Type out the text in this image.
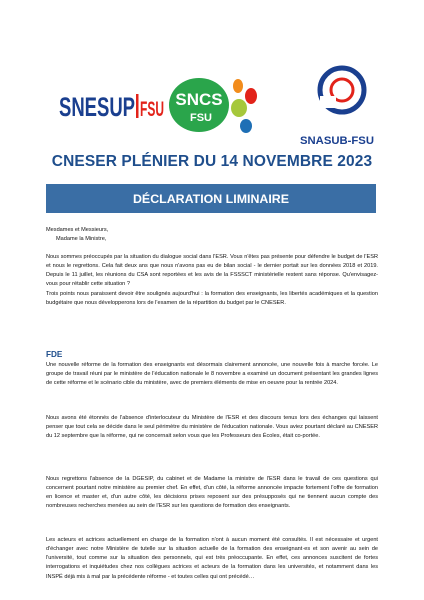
SNESUP FSU SNCS
FSU
SNASUB-FSU
CNESER PLÉNIER DU 14 NOVEMBRE 2023
DÉCLARATION LIMINAIRE

Mesdames et Messieurs,

Madame la Ministre,

Nous sommes préoccupés par la situation du dialogue social dans l'ESR. Vous n'êtes pas présente pour défendre le budget de l'ESR et nous le regrettons. Cela fait deux ans que nous n'avons pas eu de bilan social - le dernier portait sur les données 2018 et 2019. Depuis le 11 juillet, les réunions du CSA sont reportées et les avis de la FSSSCT ministérielle restent sans réponse. Qu'envisagez-vous pour rétablir cette situation ?

Trois points nous paraissent devoir être soulignés aujourd'hui : la formation des enseignants, les libertés académiques et la question budgétaire que nous développerons lors de l'examen de la répartition du budget par le CNESER.

FDE

Une nouvelle réforme de la formation des enseignants est désormais clairement annoncée, une nouvelle fois à marche forcée. Le groupe de travail réuni par le ministère de l'éducation nationale le 8 novembre a examiné un document présentant les grandes lignes de cette réforme et le scénario cible du ministère, avec de premiers éléments de mise en oeuvre pour la rentrée 2024.

Nous avons été étonnés de l'absence d'interlocuteur du Ministère de l'ESR et des discours tenus lors des échanges qui laissent penser que tout cela se décide dans le seul périmètre du ministère de l'éducation nationale. Vous aviez pourtant déclaré au CNESER du 12 septembre que la réforme, qui ne concernait selon vous que les Professeurs des Écoles, était co-portée.

Nous regrettons l'absence de la DGESIP, du cabinet et de Madame la ministre de l'ESR dans le travail de ces questions qui concernent pourtant notre ministère au premier chef. En effet, d'un côté, la réforme annoncée impacte fortement l'offre de formation en licence et master et, d'un autre côté, les décisions prises reposent sur des présupposés qui ne tiennent aucun compte des nombreuses recherches menées au sein de l'ESR sur les questions de formation des enseignants.

Les acteurs et actrices actuellement en charge de la formation n'ont à aucun moment été consultés. Il est nécessaire et urgent d'échanger avec notre Ministère de tutelle sur la situation actuelle de la formation des enseignant·es et son avenir au sein de l'université, tout comme sur la situation des personnels, qui est très préoccupante. En effet, ces annonces suscitent de fortes interrogations et inquiétudes chez nos collègues actrices et acteurs de la formation dans les universités, et notamment dans les INSPÉ déjà mis à mal par la précédente réforme - et toutes celles qui ont précédé…
